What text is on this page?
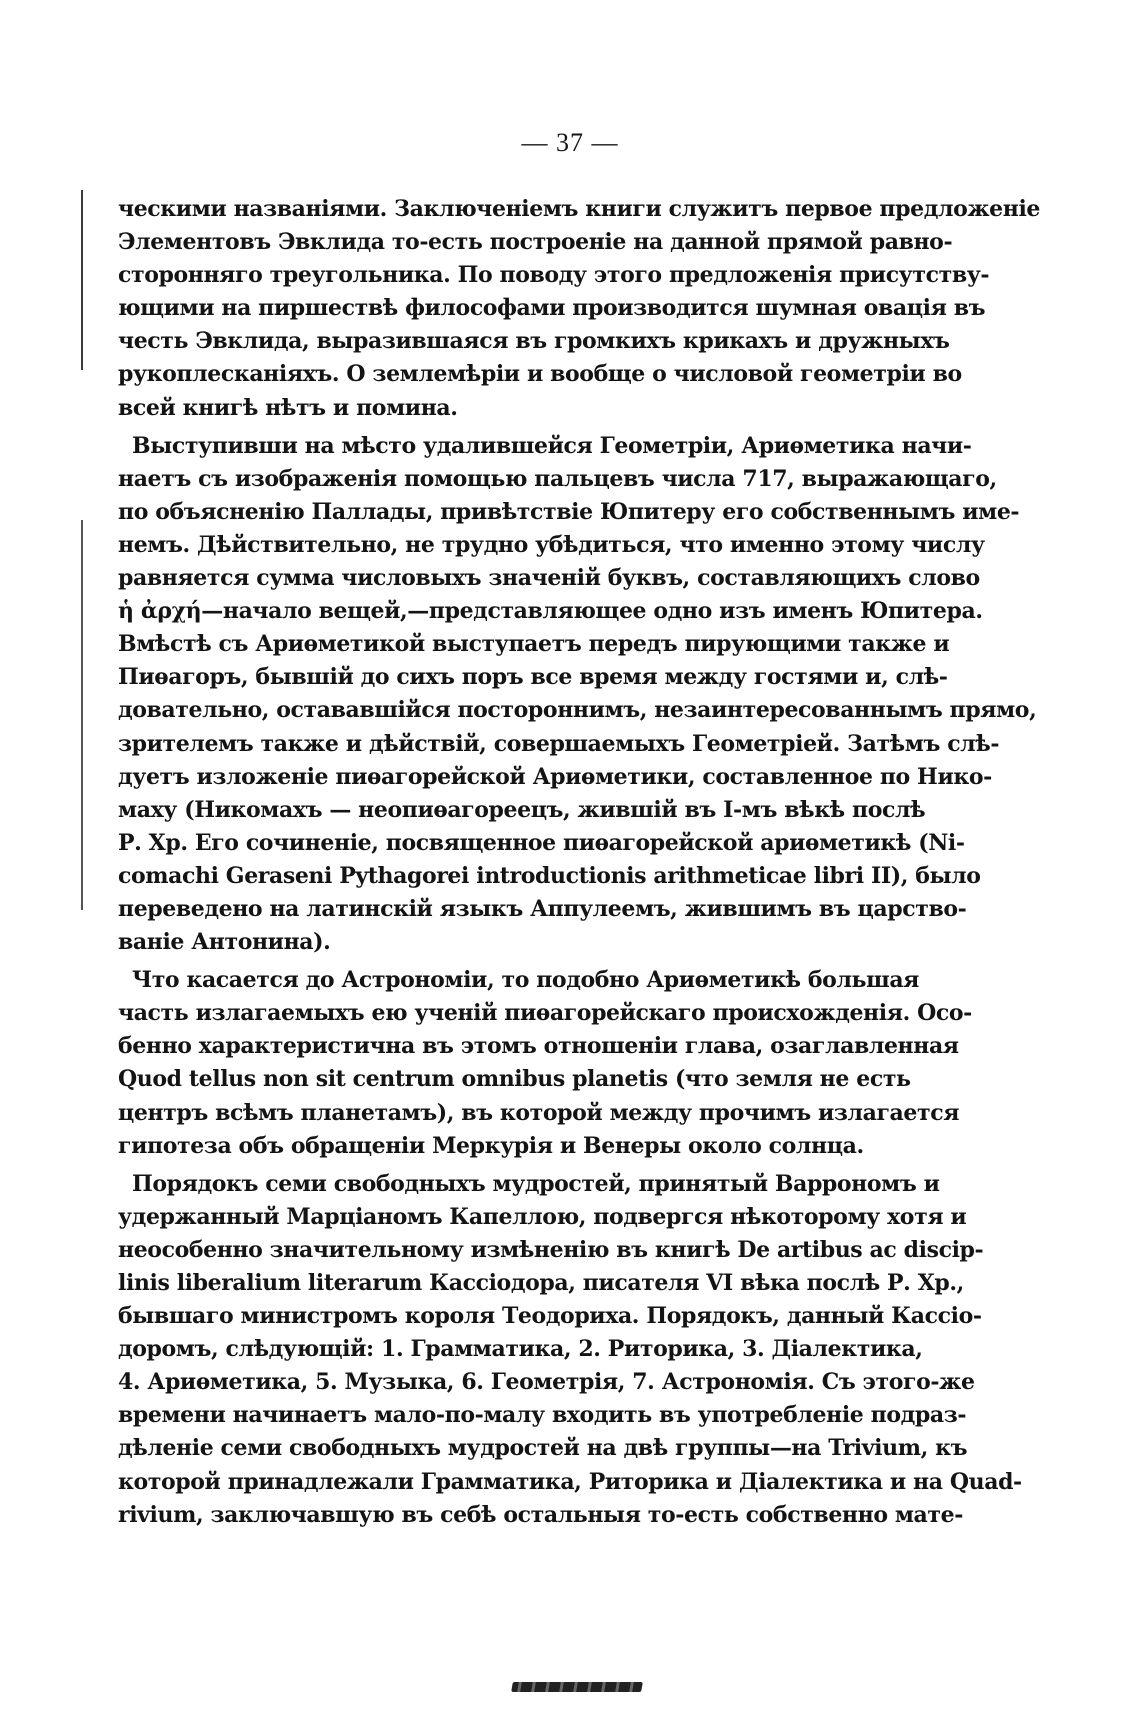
— 37 —
ческими названіями. Заключеніемъ книги служитъ первое предложеніе
Элементовъ Эвклида то-есть построеніе на данной прямой равно-
сторонняго треугольника. По поводу этого предложенія присутству-
ющими на пиршествѣ философами производится шумная овація въ
честь Эвклида, выразившаяся въ громкихъ крикахъ и дружныхъ
рукоплесканіяхъ. О землемѣріи и вообще о числовой геометріи во
всей книгѣ нѣтъ и помина.
Выступивши на мѣсто удалившейся Геометріи, Ариѳметика начи-
наетъ съ изображенія помощью пальцевъ числа 717, выражающаго,
по объясненію Паллады, привѣтствіе Юпитеру его собственнымъ име-
немъ. Дѣйствительно, не трудно убѣдиться, что именно этому числу
равняется сумма числовыхъ значеній буквъ, составляющихъ слово
ἡ ἀρχή—начало вещей,—представляющее одно изъ именъ Юпитера.
Вмѣстѣ съ Ариѳметикой выступаетъ передъ пирующими также и
Пиѳагоръ, бывшій до сихъ поръ все время между гостями и, слѣ-
довательно, остававшійся постороннимъ, незаинтересованнымъ прямо,
зрителемъ также и дѣйствій, совершаемыхъ Геометріей. Затѣмъ слѣ-
дуетъ изложеніе пиѳагорейской Ариѳметики, составленное по Нико-
маху (Никомахъ — неопиѳагореецъ, жившій въ I-мъ вѣкѣ послѣ
Р. Хр. Его сочиненіе, посвященное пиѳагорейской ариѳметикѣ (Ni-
comachi Gerasеni Pythagorei introductionis arithmeticae libri II), было
переведено на латинскій языкъ Аппулеемъ, жившимъ въ царство-
ваніе Антонина).
Что касается до Астрономіи, то подобно Ариѳметикѣ большая
часть излагаемыхъ ею ученій пиѳагорейскаго происхожденія. Осо-
бенно характеристична въ этомъ отношеніи глава, озаглавленная
Quod tellus non sit centrum omnibus planetis (что земля не есть
центръ всѣмъ планетамъ), въ которой между прочимъ излагается
гипотеза объ обращеніи Меркурія и Венеры около солнца.
Порядокъ семи свободныхъ мудростей, принятый Варрономъ и
удержанный Марціаномъ Капеллою, подвергся нѣкоторому хотя и
неособенно значительному измѣненію въ книгѣ De artibus ac discip-
linis liberalium literarum Кассіодора, писателя VI вѣка послѣ Р. Хр.,
бывшаго министромъ короля Теодориха. Порядокъ, данный Кассіо-
доромъ, слѣдующій: 1. Грамматика, 2. Риторика, 3. Діалектика,
4. Ариѳметика, 5. Музыка, 6. Геометрія, 7. Астрономія. Съ этого-же
времени начинаетъ мало-по-малу входить въ употребленіе подраз-
дѣленіе семи свободныхъ мудростей на двѣ группы—на Trivium, къ
которой принадлежали Грамматика, Риторика и Діалектика и на Quad-
rivium, заключавшую въ себѣ остальныя то-есть собственно мате-
